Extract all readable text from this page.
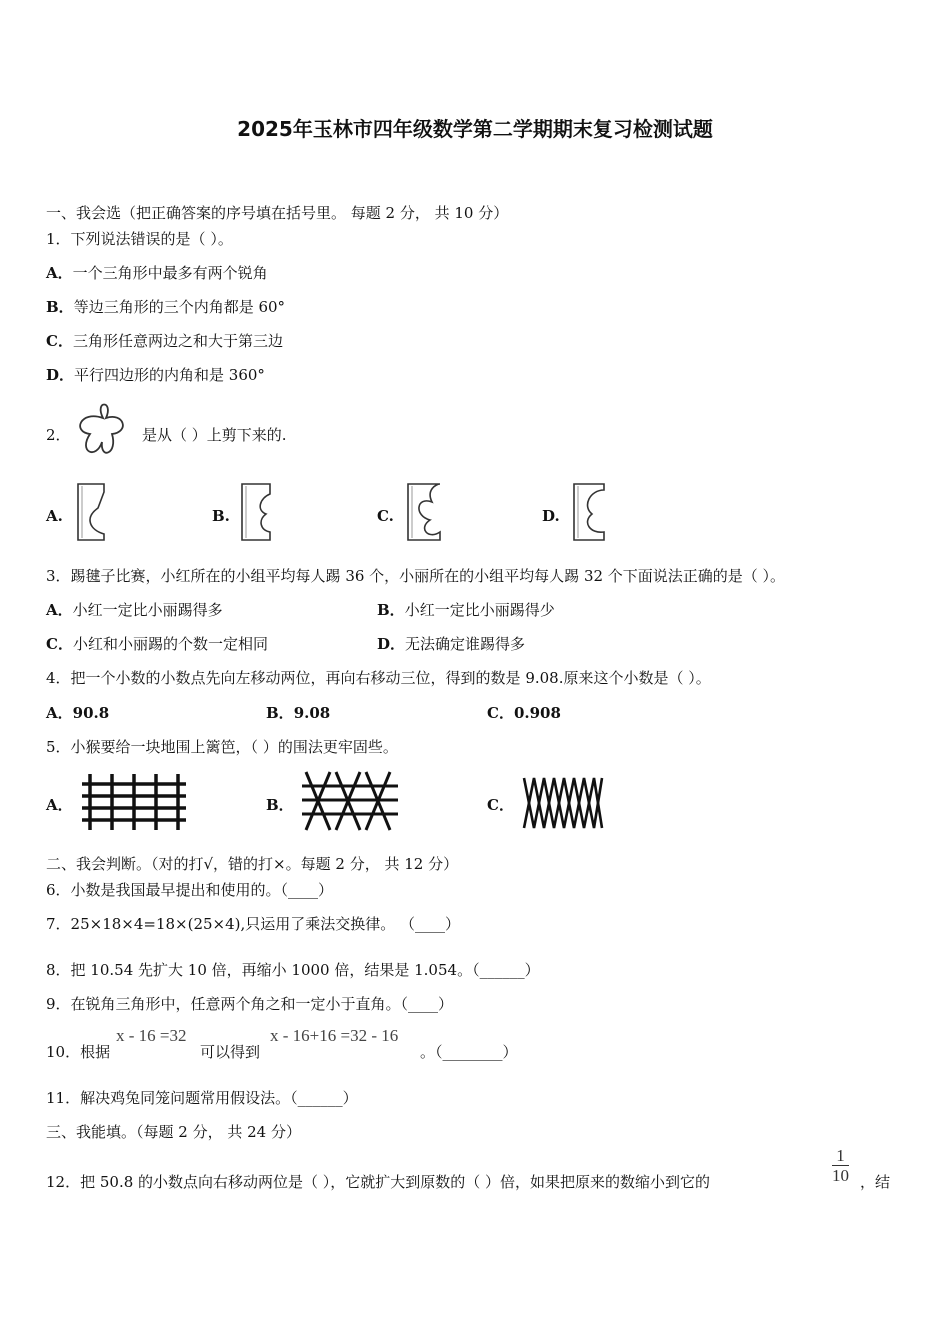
2025年玉林市四年级数学第二学期期末复习检测试题
一、我会选（把正确答案的序号填在括号里。 每题 2 分， 共 10 分）
1．下列说法错误的是（ ）。
A．一个三角形中最多有两个锐角
B．等边三角形的三个内角都是 60°
C．三角形任意两边之和大于第三边
D．平行四边形的内角和是 360°
2．	是从（ ）上剪下来的.
A.	B.	C.	D.
3．踢毽子比赛，小红所在的小组平均每人踢 36 个，小丽所在的小组平均每人踢 32 个下面说法正确的是（ ）。
A．小红一定比小丽踢得多	B．小红一定比小丽踢得少
C．小红和小丽踢的个数一定相同	D．无法确定谁踢得多
4．把一个小数的小数点先向左移动两位，再向右移动三位，得到的数是 9.08.原来这个小数是（ ）。
A．90.8	B．9.08	C．0.908
5．小猴要给一块地围上篱笆，（ ）的围法更牢固些。
A．	B．	C．
二、我会判断。（对的打√，错的打×。每题 2 分， 共 12 分）
6．小数是我国最早提出和使用的。（____）
7．25×18×4=18×(25×4),只运用了乘法交换律。 （____）
8．把 10.54 先扩大 10 倍，再缩小 1000 倍，结果是 1.054。（______）
9．在锐角三角形中，任意两个角之和一定小于直角。（____）
10．根据
x - 16 =32
可以得到
x - 16+16 =32 - 16
。（________）
11．解决鸡兔同笼问题常用假设法。（______）
三、我能填。（每题 2 分， 共 24 分）
12．把 50.8 的小数点向右移动两位是（ ），它就扩大到原数的（ ）倍，如果把原来的数缩小到它的	$\frac{1}{10}$ ，结
